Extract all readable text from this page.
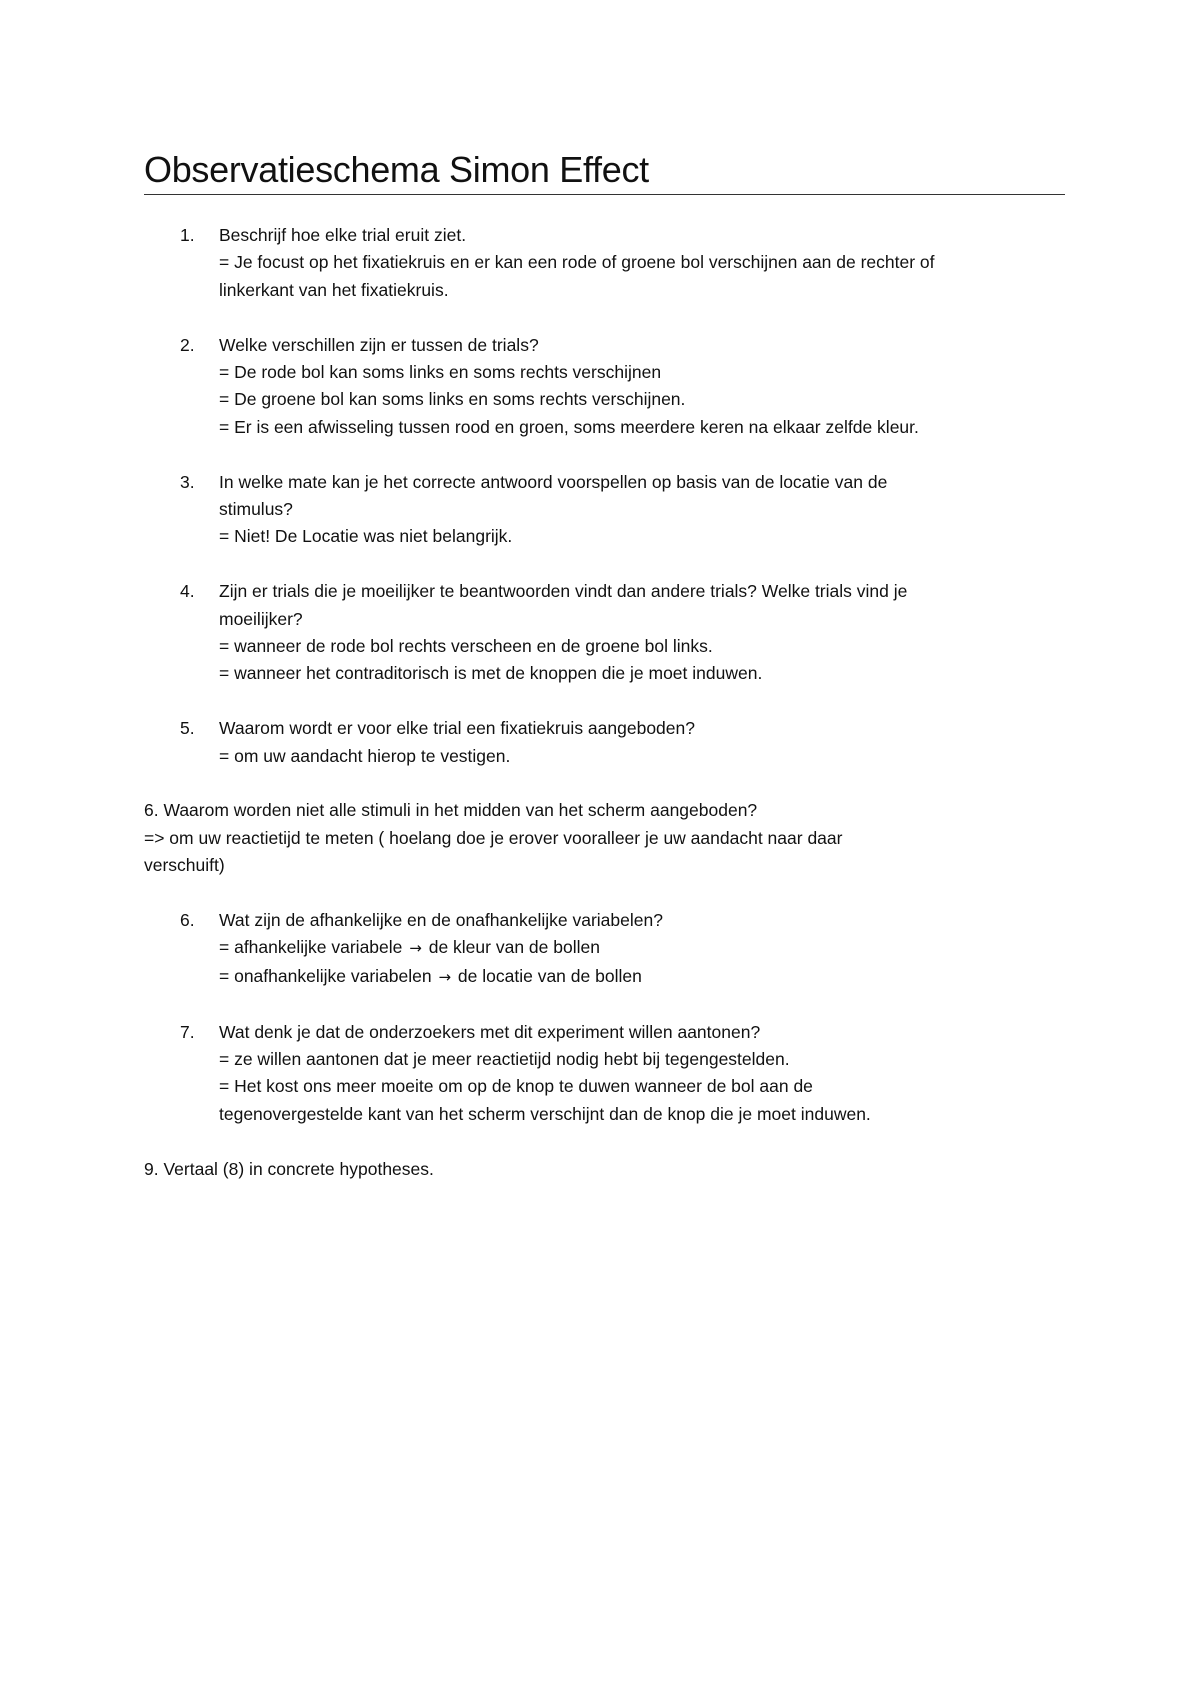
Observatieschema Simon Effect
1.	Beschrijf hoe elke trial eruit ziet.
= Je focust op het fixatiekruis en er kan een rode of groene bol verschijnen aan de rechter of
linkerkant van het fixatiekruis.
2.	Welke verschillen zijn er tussen de trials?
= De rode bol kan soms links en soms rechts verschijnen
= De groene bol kan soms links en soms rechts verschijnen.
= Er is een afwisseling tussen rood en groen, soms meerdere keren na elkaar zelfde kleur.
3.	In welke mate kan je het correcte antwoord voorspellen op basis van de locatie van de
stimulus?
= Niet! De Locatie was niet belangrijk.
4.	Zijn er trials die je moeilijker te beantwoorden vindt dan andere trials? Welke trials vind je
moeilijker?
= wanneer de rode bol rechts verscheen en de groene bol links.
= wanneer het contraditorisch is met de knoppen die je moet induwen.
5.	Waarom wordt er voor elke trial een fixatiekruis aangeboden?
= om uw aandacht hierop te vestigen.
6. Waarom worden niet alle stimuli in het midden van het scherm aangeboden?
=> om uw reactietijd te meten ( hoelang doe je erover vooralleer je uw aandacht naar daar
verschuift)
6.	Wat zijn de afhankelijke en de onafhankelijke variabelen?
= afhankelijke variabele → de kleur van de bollen
= onafhankelijke variabelen → de locatie van de bollen
7.	Wat denk je dat de onderzoekers met dit experiment willen aantonen?
= ze willen aantonen dat je meer reactietijd nodig hebt bij tegengestelden.
= Het kost ons meer moeite om op de knop te duwen wanneer de bol aan de
tegenovergestelde kant van het scherm verschijnt dan de knop die je moet induwen.
9. Vertaal (8) in concrete hypotheses.
